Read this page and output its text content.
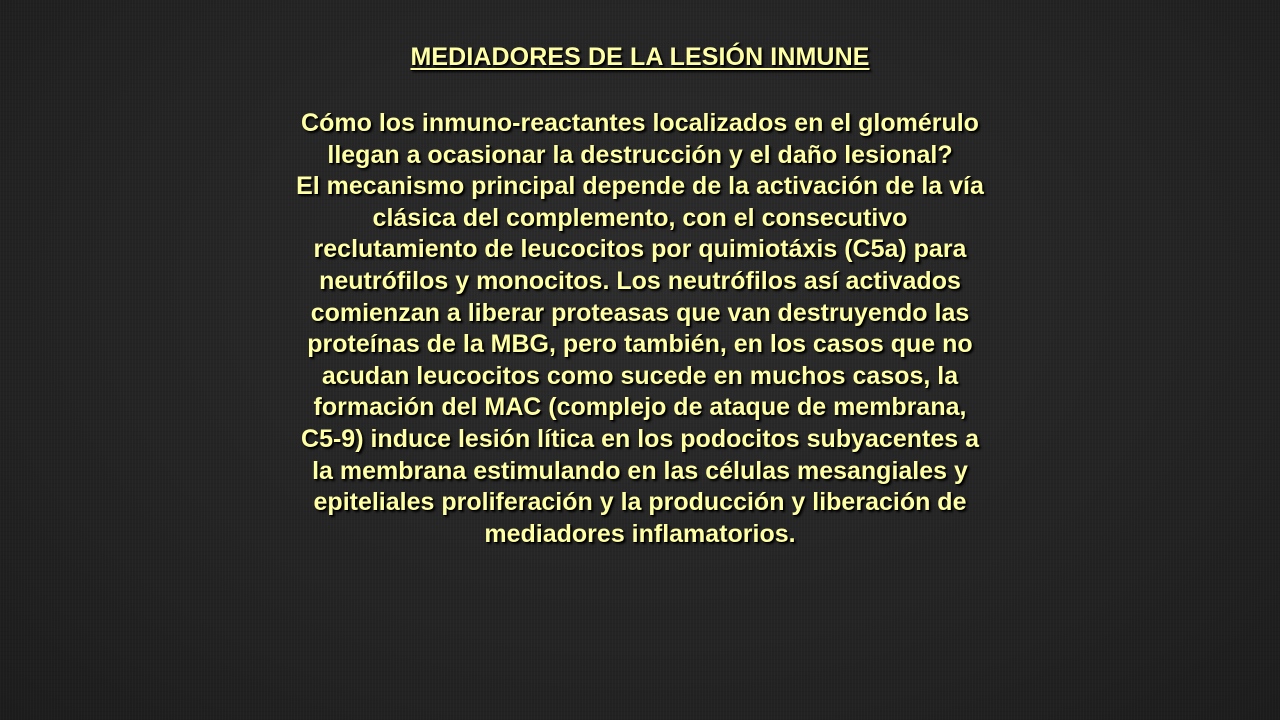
MEDIADORES DE LA LESIÓN INMUNE

Cómo los inmuno-reactantes localizados en el glomérulo llegan a ocasionar la destrucción y el daño lesional?

El mecanismo principal depende de la activación de la vía clásica del complemento, con el consecutivo reclutamiento de leucocitos por quimiotáxis (C5a) para neutrófilos y monocitos. Los neutrófilos así activados comienzan a liberar proteasas que van destruyendo las proteínas de la MBG, pero también, en los casos que no acudan leucocitos como sucede en muchos casos, la formación del MAC (complejo de ataque de membrana, C5-9) induce lesión lítica en los podocitos subyacentes a la membrana estimulando en las células mesangiales y epiteliales proliferación y la producción y liberación de mediadores inflamatorios.
